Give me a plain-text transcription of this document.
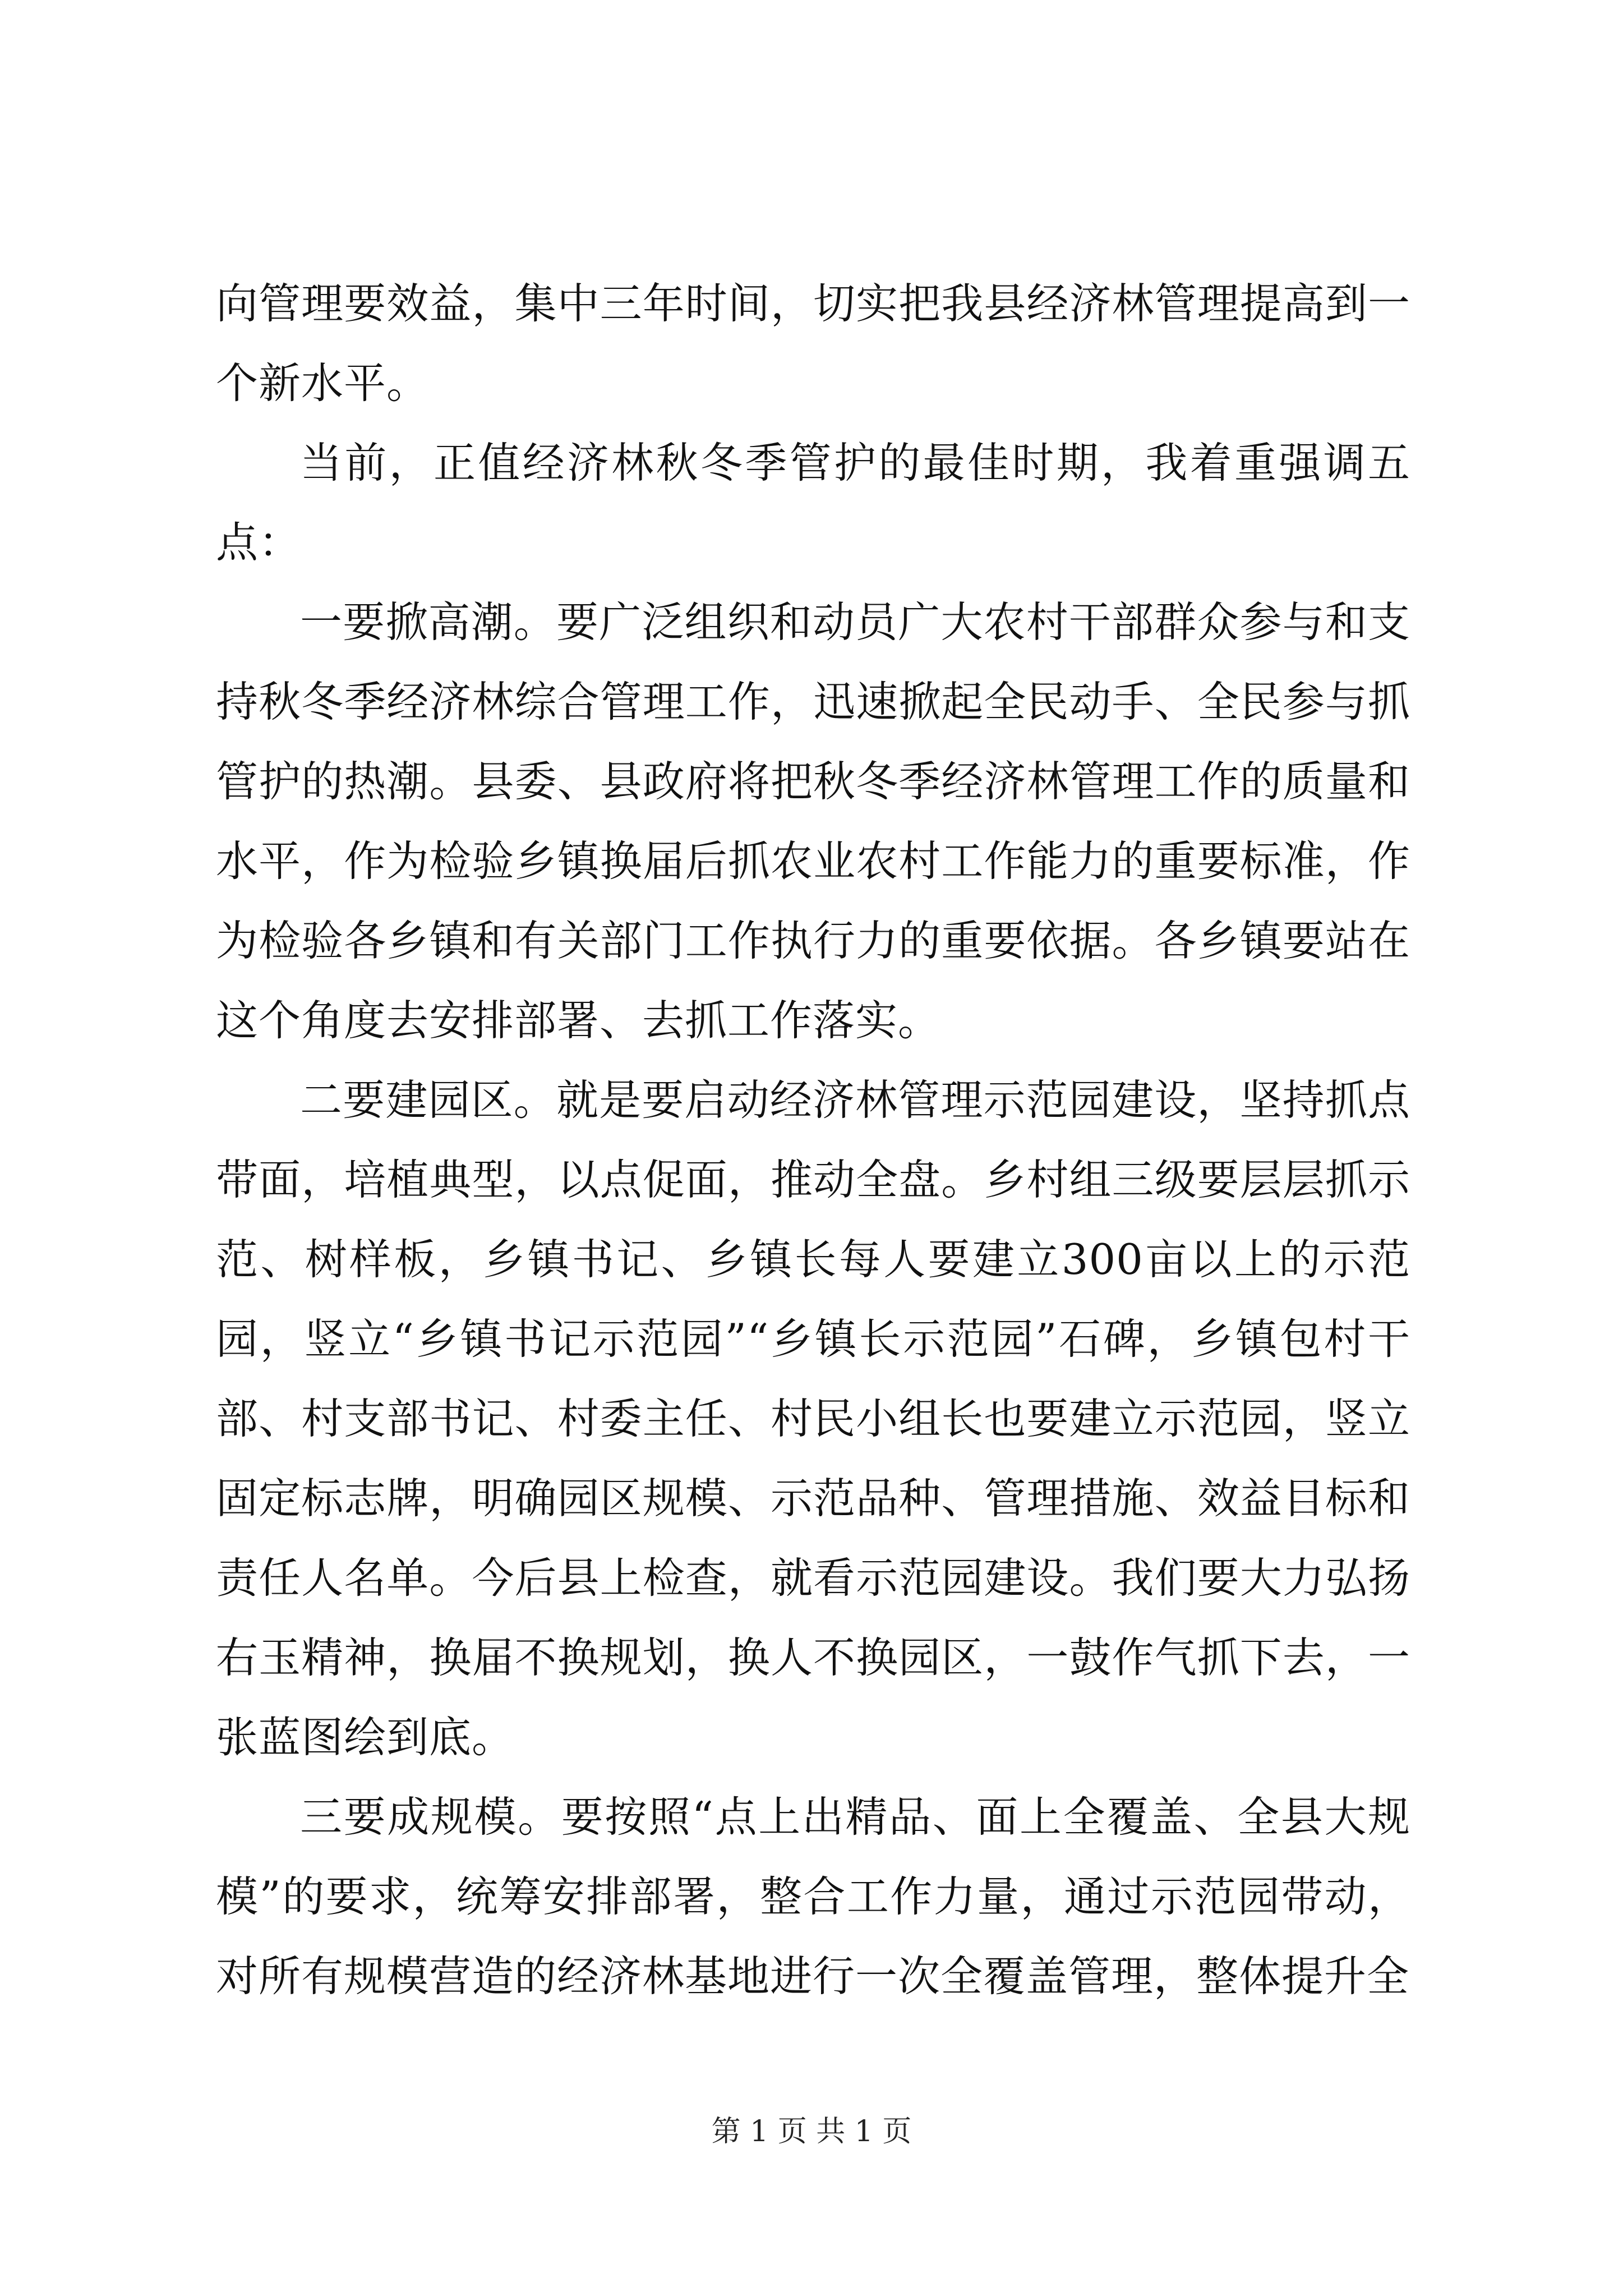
向管理要效益，集中三年时间，切实把我县经济林管理提高到一个新水平。

当前，正值经济林秋冬季管护的最佳时期，我着重强调五点：

一要掀高潮。要广泛组织和动员广大农村干部群众参与和支持秋冬季经济林综合管理工作，迅速掀起全民动手、全民参与抓管护的热潮。县委、县政府将把秋冬季经济林管理工作的质量和水平，作为检验乡镇换届后抓农业农村工作能力的重要标准，作为检验各乡镇和有关部门工作执行力的重要依据。各乡镇要站在这个角度去安排部署、去抓工作落实。

二要建园区。就是要启动经济林管理示范园建设，坚持抓点带面，培植典型，以点促面，推动全盘。乡村组三级要层层抓示范、树样板，乡镇书记、乡镇长每人要建立300亩以上的示范园，竖立“乡镇书记示范园”“乡镇长示范园”石碑，乡镇包村干部、村支部书记、村委主任、村民小组长也要建立示范园，竖立固定标志牌，明确园区规模、示范品种、管理措施、效益目标和责任人名单。今后县上检查，就看示范园建设。我们要大力弘扬右玉精神，换届不换规划，换人不换园区，一鼓作气抓下去，一张蓝图绘到底。

三要成规模。要按照“点上出精品、面上全覆盖、全县大规模”的要求，统筹安排部署，整合工作力量，通过示范园带动，对所有规模营造的经济林基地进行一次全覆盖管理，整体提升全

第 1 页 共 1 页
